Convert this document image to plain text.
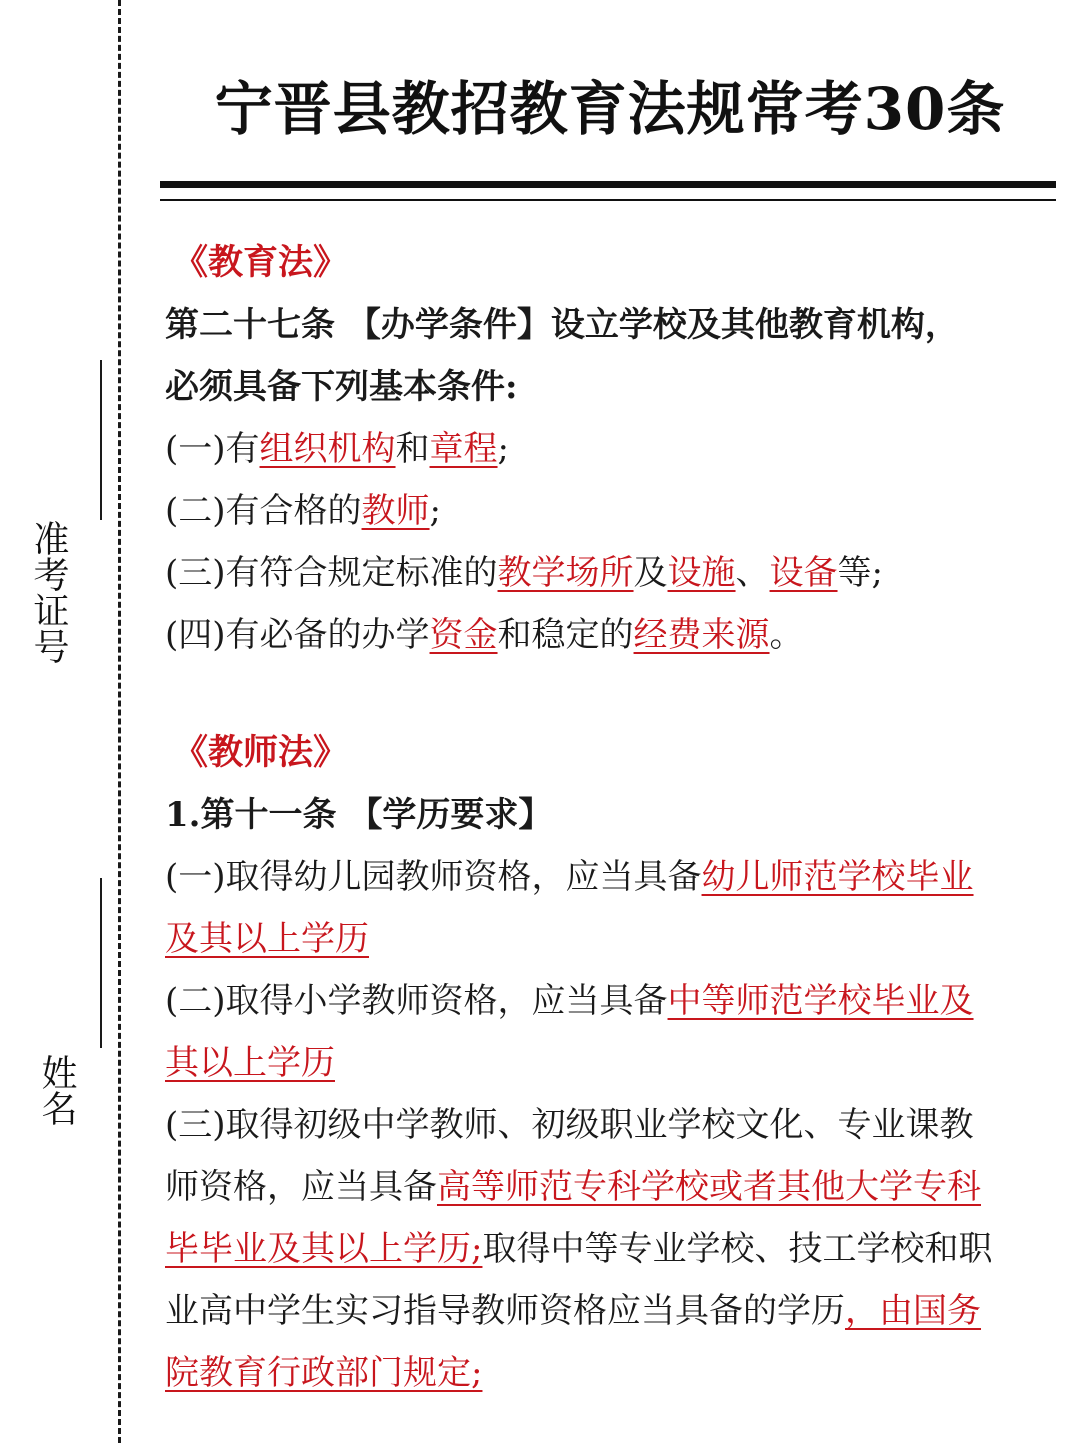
准考证号
姓名
宁晋县教招教育法规常考30条
《教育法》
第二十七条 【办学条件】设立学校及其他教育机构，
必须具备下列基本条件:
(一)有组织机构和章程;
(二)有合格的教师;
(三)有符合规定标准的教学场所及设施、设备等;
(四)有必备的办学资金和稳定的经费来源。
《教师法》
1.第十一条 【学历要求】
(一)取得幼儿园教师资格，应当具备幼儿师范学校毕业
及其以上学历
(二)取得小学教师资格，应当具备中等师范学校毕业及
其以上学历
(三)取得初级中学教师、初级职业学校文化、专业课教
师资格，应当具备高等师范专科学校或者其他大学专科
毕毕业及其以上学历;取得中等专业学校、技工学校和职
业高中学生实习指导教师资格应当具备的学历，由国务
院教育行政部门规定;
